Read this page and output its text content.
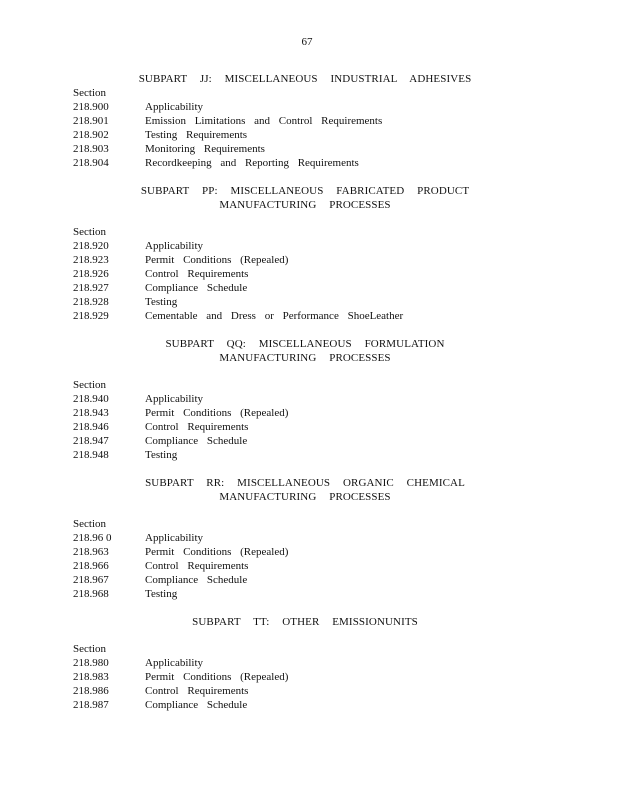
67
SUBPART JJ: MISCELLANEOUS INDUSTRIAL ADHESIVES
Section
218.900	Applicability
218.901	Emission Limitations and Control Requirements
218.902	Testing Requirements
218.903	Monitoring Requirements
218.904	Recordkeeping and Reporting Requirements
SUBPART PP: MISCELLANEOUS FABRICATED PRODUCT
MANUFACTURING PROCESSES
Section
218.920	Applicability
218.923	Permit Conditions (Repealed)
218.926	Control Requirements
218.927	Compliance Schedule
218.928	Testing
218.929	Cementable and Dress or Performance ShoeLeather
SUBPART QQ: MISCELLANEOUS FORMULATION
MANUFACTURING PROCESSES
Section
218.940	Applicability
218.943	Permit Conditions (Repealed)
218.946	Control Requirements
218.947	Compliance Schedule
218.948	Testing
SUBPART RR: MISCELLANEOUS ORGANIC CHEMICAL
MANUFACTURING PROCESSES
Section
218.96 0	Applicability
218.963	Permit Conditions (Repealed)
218.966	Control Requirements
218.967	Compliance Schedule
218.968	Testing
SUBPART TT: OTHER EMISSIONUNITS
Section
218.980	Applicability
218.983	Permit Conditions (Repealed)
218.986	Control Requirements
218.987	Compliance Schedule
